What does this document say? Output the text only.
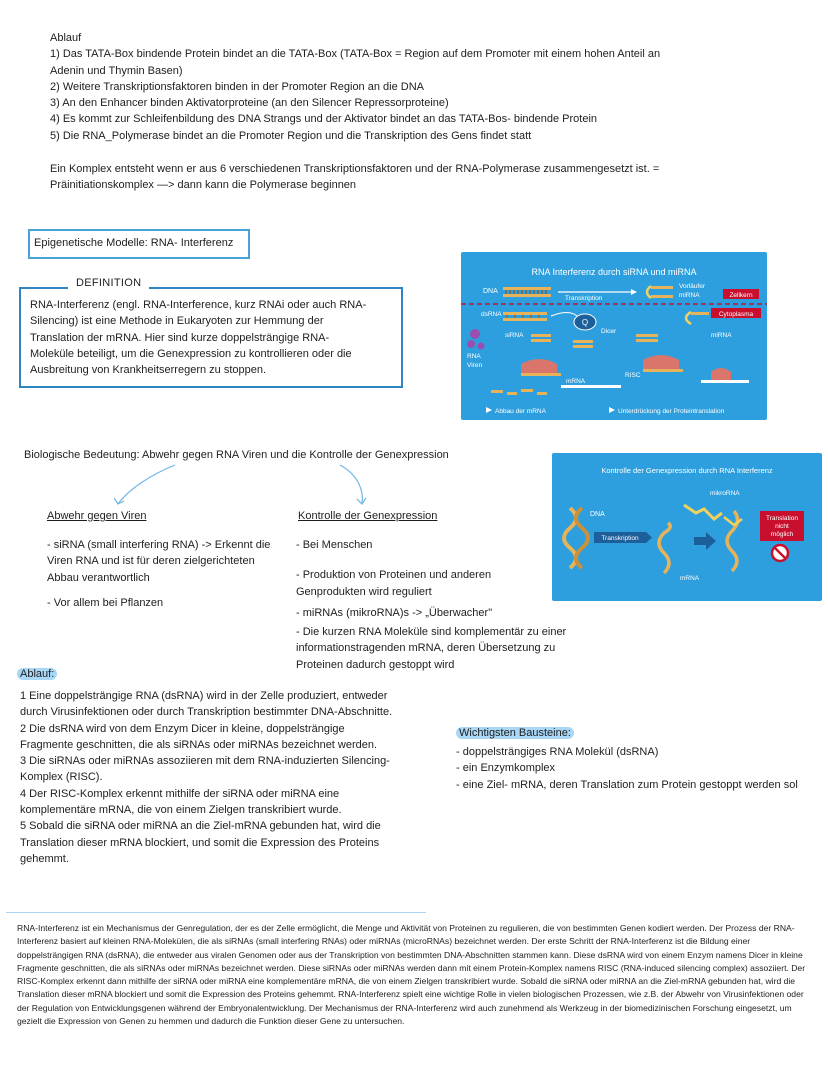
Ablauf
1) Das TATA-Box bindende Protein bindet an die TATA-Box (TATA-Box = Region auf dem Promoter mit einem hohen Anteil an
Adenin und Thymin Basen)
2) Weitere Transkriptionsfaktoren binden in der Promoter Region an die DNA
3) An den Enhancer binden Aktivatorproteine (an den Silencer Repressorproteine)
4) Es kommt zur Schleifenbildung des DNA Strangs und der Aktivator bindet an das TATA-Bos- bindende Protein
5) Die RNA_Polymerase bindet an die Promoter Region und die Transkription des Gens findet statt
Ein Komplex entsteht wenn er aus 6 verschiedenen Transkriptionsfaktoren und der RNA-Polymerase zusammengesetzt ist. =
Präinitiationskomplex —> dann kann die Polymerase beginnen
Epigenetische Modelle: RNA- Interferenz
DEFINITION
RNA-Interferenz (engl. RNA-Interference, kurz RNAi oder auch RNA-
Silencing) ist eine Methode in Eukaryoten zur Hemmung der
Translation der mRNA. Hier sind kurze doppelsträngige RNA-
Moleküle beteiligt, um die Genexpression zu kontrollieren oder die
Ausbreitung von Krankheitserregern zu stoppen.
RNA Interferenz durch siRNA und miRNA
DNA
Transkription
Vorläufer
miRNA	Zellkern
Cytoplasma
dsRNA
Q
Dicer
siRNA	miRNA
RNA
Viren
RISC
mRNA
Abbau der mRNA	Unterdrückung der Proteintranslation
Biologische Bedeutung: Abwehr gegen RNA Viren und die Kontrolle der Genexpression
Abwehr gegen Viren

- siRNA (small interfering RNA) -> Erkennt die Viren RNA und ist für deren zielgerichteten Abbau verantwortlich

- Vor allem bei Pflanzen

Kontrolle der Genexpression

- Bei Menschen

- Produktion von Proteinen und anderen Genprodukten wird reguliert

- miRNAs (mikroRNA)s -> „Überwacher"

- Die kurzen RNA Moleküle sind komplementär zu einer informationstragenden mRNA, deren Übersetzung zu Proteinen dadurch gestoppt wird

Kontrolle der Genexpression durch RNA Interferenz
DNA
Transkription
mRNA
mikroRNA
Translation
nicht
möglich
Ablauf:

1 Eine doppelsträngige RNA (dsRNA) wird in der Zelle produziert, entweder durch Virusinfektionen oder durch Transkription bestimmter DNA-Abschnitte.

2 Die dsRNA wird von dem Enzym Dicer in kleine, doppelsträngige Fragmente geschnitten, die als siRNAs oder miRNAs bezeichnet werden.

3 Die siRNAs oder miRNAs assoziieren mit dem RNA-induzierten Silencing-Komplex (RISC).

4 Der RISC-Komplex erkennt mithilfe der siRNA oder miRNA eine komplementäre mRNA, die von einem Zielgen transkribiert wurde.

5 Sobald die siRNA oder miRNA an die Ziel-mRNA gebunden hat, wird die Translation dieser mRNA blockiert, und somit die Expression des Proteins gehemmt.

Wichtigsten Bausteine:
- doppelsträngiges RNA Molekül (dsRNA)
- ein Enzymkomplex
- eine Ziel- mRNA, deren Translation zum Protein gestoppt werden sol
RNA-Interferenz ist ein Mechanismus der Genregulation, der es der Zelle ermöglicht, die Menge und Aktivität von Proteinen zu regulieren, die von bestimmten Genen kodiert werden. Der Prozess der RNA-Interferenz basiert auf kleinen RNA-Molekülen, die als siRNAs (small interfering RNAs) oder miRNAs (microRNAs) bezeichnet werden. Der erste Schritt der RNA-Interferenz ist die Bildung einer doppelsträngigen RNA (dsRNA), die entweder aus viralen Genomen oder aus der Transkription von bestimmten DNA-Abschnitten stammen kann. Diese dsRNA wird von einem Enzym namens Dicer in kleine Fragmente geschnitten, die als siRNAs oder miRNAs bezeichnet werden. Diese siRNAs oder miRNAs werden dann mit einem Protein-Komplex namens RISC (RNA-induced silencing complex) assoziiert. Der RISC-Komplex erkennt dann mithilfe der siRNA oder miRNA eine komplementäre mRNA, die von einem Zielgen transkribiert wurde. Sobald die siRNA oder miRNA an die Ziel-mRNA gebunden hat, wird die Translation dieser mRNA blockiert und somit die Expression des Proteins gehemmt. RNA-Interferenz spielt eine wichtige Rolle in vielen biologischen Prozessen, wie z.B. der Abwehr von Virusinfektionen oder der Regulation von Entwicklungsgenen während der Embryonalentwicklung. Der Mechanismus der RNA-Interferenz wird auch zunehmend als Werkzeug in der biomedizinischen Forschung eingesetzt, um gezielt die Expression von Genen zu hemmen und dadurch die Funktion dieser Gene zu untersuchen.
